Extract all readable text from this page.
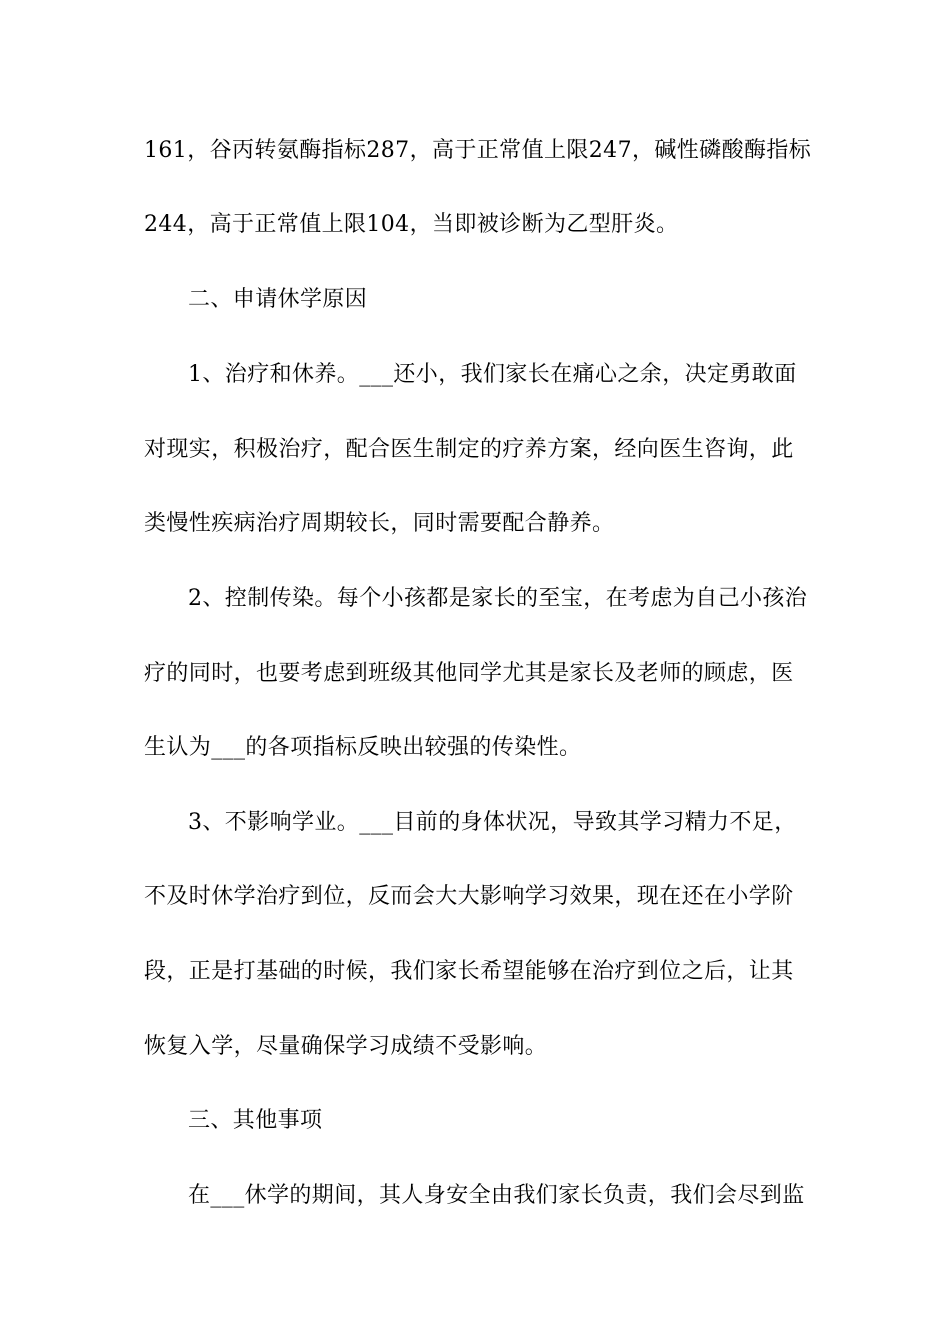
161，谷丙转氨酶指标287，高于正常值上限247，碱性磷酸酶指标
244，高于正常值上限104，当即被诊断为乙型肝炎。
二、申请休学原因
1、治疗和休养。___还小，我们家长在痛心之余，决定勇敢面
对现实，积极治疗，配合医生制定的疗养方案，经向医生咨询，此
类慢性疾病治疗周期较长，同时需要配合静养。
2、控制传染。每个小孩都是家长的至宝，在考虑为自己小孩治
疗的同时，也要考虑到班级其他同学尤其是家长及老师的顾虑，医
生认为___的各项指标反映出较强的传染性。
3、不影响学业。___目前的身体状况，导致其学习精力不足，
不及时休学治疗到位，反而会大大影响学习效果，现在还在小学阶
段，正是打基础的时候，我们家长希望能够在治疗到位之后，让其
恢复入学，尽量确保学习成绩不受影响。
三、其他事项
在___休学的期间，其人身安全由我们家长负责，我们会尽到监
